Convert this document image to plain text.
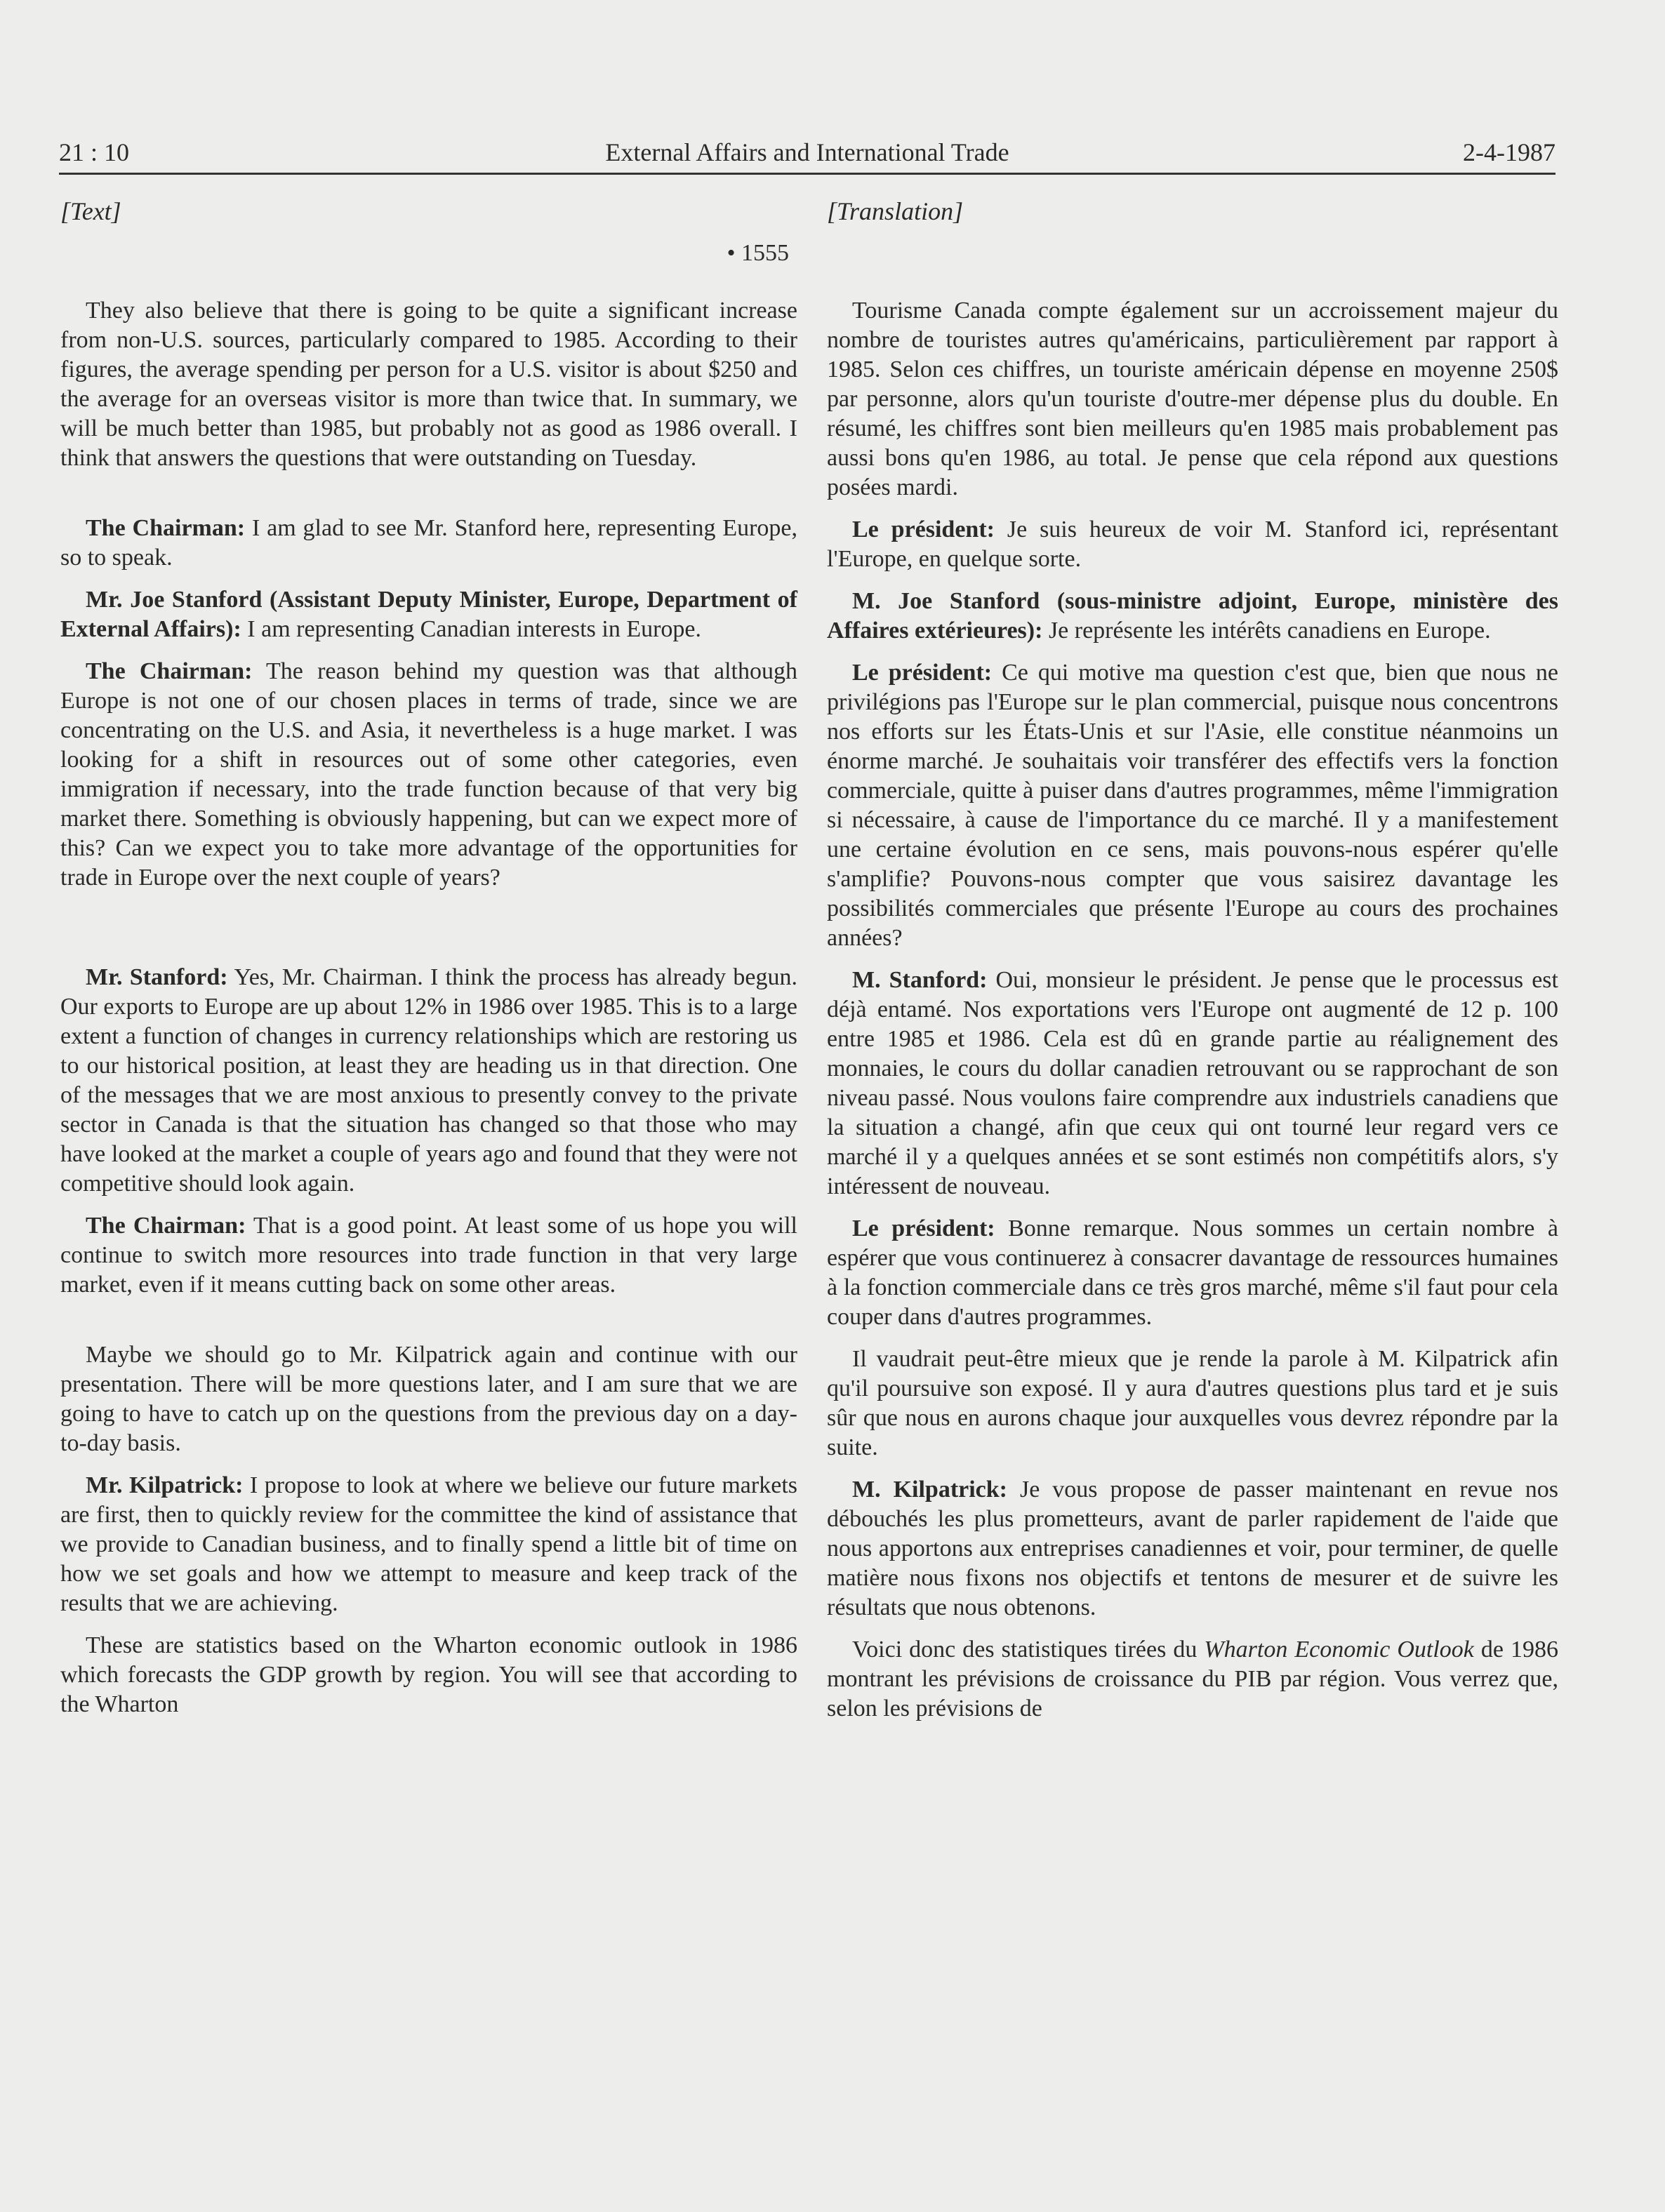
21 : 10	External Affairs and International Trade	2-4-1987
[Text]
• 1555

They also believe that there is going to be quite a significant increase from non-U.S. sources, particularly compared to 1985. According to their figures, the average spending per person for a U.S. visitor is about $250 and the average for an overseas visitor is more than twice that. In summary, we will be much better than 1985, but probably not as good as 1986 overall. I think that answers the questions that were outstanding on Tuesday.

The Chairman: I am glad to see Mr. Stanford here, representing Europe, so to speak.

Mr. Joe Stanford (Assistant Deputy Minister, Europe, Department of External Affairs): I am representing Canadian interests in Europe.

The Chairman: The reason behind my question was that although Europe is not one of our chosen places in terms of trade, since we are concentrating on the U.S. and Asia, it nevertheless is a huge market. I was looking for a shift in resources out of some other categories, even immigration if necessary, into the trade function because of that very big market there. Something is obviously happening, but can we expect more of this? Can we expect you to take more advantage of the opportunities for trade in Europe over the next couple of years?

Mr. Stanford: Yes, Mr. Chairman. I think the process has already begun. Our exports to Europe are up about 12% in 1986 over 1985. This is to a large extent a function of changes in currency relationships which are restoring us to our historical position, at least they are heading us in that direction. One of the messages that we are most anxious to presently convey to the private sector in Canada is that the situation has changed so that those who may have looked at the market a couple of years ago and found that they were not competitive should look again.

The Chairman: That is a good point. At least some of us hope you will continue to switch more resources into trade function in that very large market, even if it means cutting back on some other areas.

Maybe we should go to Mr. Kilpatrick again and continue with our presentation. There will be more questions later, and I am sure that we are going to have to catch up on the questions from the previous day on a day-to-day basis.

Mr. Kilpatrick: I propose to look at where we believe our future markets are first, then to quickly review for the committee the kind of assistance that we provide to Canadian business, and to finally spend a little bit of time on how we set goals and how we attempt to measure and keep track of the results that we are achieving.

These are statistics based on the Wharton economic outlook in 1986 which forecasts the GDP growth by region. You will see that according to the Wharton

[Translation]

Tourisme Canada compte également sur un accroissement majeur du nombre de touristes autres qu'américains, particulièrement par rapport à 1985. Selon ces chiffres, un touriste américain dépense en moyenne 250$ par personne, alors qu'un touriste d'outre-mer dépense plus du double. En résumé, les chiffres sont bien meilleurs qu'en 1985 mais probablement pas aussi bons qu'en 1986, au total. Je pense que cela répond aux questions posées mardi.

Le président: Je suis heureux de voir M. Stanford ici, représentant l'Europe, en quelque sorte.

M. Joe Stanford (sous-ministre adjoint, Europe, ministère des Affaires extérieures): Je représente les intérêts canadiens en Europe.

Le président: Ce qui motive ma question c'est que, bien que nous ne privilégions pas l'Europe sur le plan commercial, puisque nous concentrons nos efforts sur les États-Unis et sur l'Asie, elle constitue néanmoins un énorme marché. Je souhaitais voir transférer des effectifs vers la fonction commerciale, quitte à puiser dans d'autres programmes, même l'immigration si nécessaire, à cause de l'importance du ce marché. Il y a manifestement une certaine évolution en ce sens, mais pouvons-nous espérer qu'elle s'amplifie? Pouvons-nous compter que vous saisirez davantage les possibilités commerciales que présente l'Europe au cours des prochaines années?

M. Stanford: Oui, monsieur le président. Je pense que le processus est déjà entamé. Nos exportations vers l'Europe ont augmenté de 12 p. 100 entre 1985 et 1986. Cela est dû en grande partie au réalignement des monnaies, le cours du dollar canadien retrouvant ou se rapprochant de son niveau passé. Nous voulons faire comprendre aux industriels canadiens que la situation a changé, afin que ceux qui ont tourné leur regard vers ce marché il y a quelques années et se sont estimés non compétitifs alors, s'y intéressent de nouveau.

Le président: Bonne remarque. Nous sommes un certain nombre à espérer que vous continuerez à consacrer davantage de ressources humaines à la fonction commerciale dans ce très gros marché, même s'il faut pour cela couper dans d'autres programmes.

Il vaudrait peut-être mieux que je rende la parole à M. Kilpatrick afin qu'il poursuive son exposé. Il y aura d'autres questions plus tard et je suis sûr que nous en aurons chaque jour auxquelles vous devrez répondre par la suite.

M. Kilpatrick: Je vous propose de passer maintenant en revue nos débouchés les plus prometteurs, avant de parler rapidement de l'aide que nous apportons aux entreprises canadiennes et voir, pour terminer, de quelle matière nous fixons nos objectifs et tentons de mesurer et de suivre les résultats que nous obtenons.

Voici donc des statistiques tirées du Wharton Economic Outlook de 1986 montrant les prévisions de croissance du PIB par région. Vous verrez que, selon les prévisions de
